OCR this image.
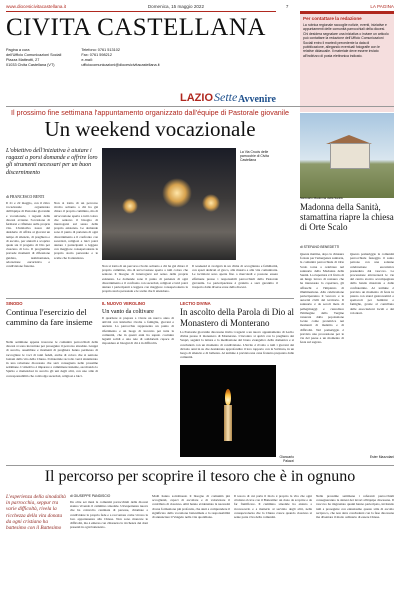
www.diocesicivitacastellana.it	Domenica, 15 maggio 2022	7	LA PAGINA
CIVITA CASTELLANA
Pagina a cura
dell'Ufficio Comunicazioni Sociali
Piazza Matteotti, 27
01033 Civita Castellana (VT)
Telefono: 0761 513102
Fax: 0761 598212
e-mail:
ufficiocomunicazioni@diocesicivitacastellana.it
LAZIO Sette Avvenire
Per contattare la redazione
La rubrica regionale raccoglie notizie, eventi, iniziative e appuntamenti delle comunità parrocchiali della diocesi. Chi desidera segnalare una iniziativa o inviare un articolo può contattare la redazione dell'Ufficio Comunicazioni Sociali entro il martedì precedente la data di pubblicazione, allegando eventuali fotografie con le relative didascalie. Il materiale deve essere inviato all'indirizzo di posta elettronica indicato.
Il prossimo fine settimana l'appuntamento organizzato dall'équipe di Pastorale giovanile
Un weekend vocazionale
L'obiettivo dell'iniziativa è aiutare i ragazzi a porsi domande e offrire loro gli strumenti necessari per un buon discernimento
di FRANCESCO BENTI
Il 21 e 22 maggio, con il ritiro vocazionale organizzato dall'équipe di Pastorale giovanile e vocazionale, i ragazzi della diocesi avranno l'occasione di fermarsi e riflettere sulla propria vita. L'iniziativa nasce dal desiderio di offrire ai giovani un tempo di silenzio, di preghiera e di ascolto, per aiutarli a scoprire quale sia il progetto di Dio per ciascuno di loro. Il programma prevede momenti di riflessione guidata, testimonianze, adorazione eucaristica e condivisione fraterna.
Non si tratta di un percorso rivolto soltanto a chi ha già chiaro il proprio cammino, ma di un'occasione aperta a tutti coloro che sentono il bisogno di interrogarsi sul senso della propria esistenza. Le domande sono il punto di partenza di ogni discernimento e il confronto con sacerdoti, religiosi e laici potrà aiutare i partecipanti a leggere con maggiore consapevolezza la propria storia personale e le scelte che li attendono.
La Via Crucis delle parrocchie di Civita Castellana
Non si tratta di un percorso rivolto soltanto a chi ha già chiaro il proprio cammino, ma di un'occasione aperta a tutti coloro che sentono il bisogno di interrogarsi sul senso della propria esistenza. Le domande sono il punto di partenza di ogni discernimento e il confronto con sacerdoti, religiosi e laici potrà aiutare i partecipanti a leggere con maggiore consapevolezza la propria storia personale e le scelte che li attendono.
Il weekend si svolgerà in un clima di accoglienza e familiarità, con spazi dedicati al gioco, alla musica e alla vita comunitaria. Le iscrizioni sono aperte fino a mercoledì e possono essere effettuate presso i responsabili parrocchiali della Pastorale giovanile. La partecipazione è gratuita e sarà garantito il trasporto dalle diverse zone della diocesi.
Santuario Madonna della Sanità
Madonna della Sanità, stamattina riapre la chiesa di Orte Scalo
di STEFANO BENEDETTI
Questa mattina, dopo la chiusura forzata per l'emergenza sanitaria, la comunità parrocchiale di Orte Scalo torna a celebrare nel santuario della Madonna della Sanità. La riapertura è il frutto di un lungo lavoro di restauro che ha interessato la copertura, gli affreschi e l'impianto di illuminazione. Alla celebrazione parteciperanno il vescovo e le autorità civili del territorio. Il santuario è da secoli meta di pellegrinaggi e custodisce l'immagine della Vergine venerata dalla popolazione locale come protettrice nei momenti di malattia e di difficoltà. Nel pomeriggio è prevista una processione per le vie del paese e un momento di festa sul sagrato.
Questo pomeriggio la comunità parrocchiale festeggia il santo patrono con una solenne celebrazione eucaristica presieduta dal vescovo. La processione attraverserà le vie del centro storico accompagnata dalla banda musicale e dalle confraternite. Al termine è previsto un momento di festa in piazza con stand gastronomici e spettacoli per bambini e famiglie, grazie al contributo delle associazioni locali e dei volontari.
SINODO
Continua l'esercizio del cammino da fare insieme
Nelle settimane appena trascorse le comunità parrocchiali della diocesi si sono incontrate per proseguire il percorso sinodale. Gruppi di ascolto, assemblee e momenti di preghiera hanno permesso di raccogliere le voci di tanti fedeli, anche di coloro che si sentono lontani dalla vita della Chiesa. Il materiale raccolto verrà sintetizzato in una relazione diocesana che sarà consegnata nelle prossime settimane. L'obiettivo è imparare a camminare insieme, ascoltando lo Spirito e mettendosi in ascolto gli uni degli altri, con uno stile di corresponsabilità che coinvolga sacerdoti, religiosi e laici.
IL NUOVO VEROLINO
Un vanto da coltivare
Il quartiere si prepara a vivere un nuovo anno di attività con iniziative rivolte a famiglie, giovani e anziani. La parrocchia rappresenta un punto di riferimento e un luogo di incontro per tutta la comunità, che in questi anni ha saputo costruire legami solidi e una rete di solidarietà capace di rispondere ai bisogni di chi è in difficoltà.
LECTIO DIVINA
In ascolto della Parola di Dio al Monastero di Monterano
La Pastorale giovanile diocesana invita i ragazzi a un nuovo appuntamento di Lectio divina presso il monastero di Monterano. L'incontro si aprirà con la preghiera dei Vespri, seguirà la lettura e la meditazione del brano evangelico della domenica e si concluderà con un momento di condivisione. L'invito è rivolto a tutti i giovani dai diciotto anni in su che desiderano approfondire il loro rapporto con la Scrittura, in un luogo di silenzio e di bellezza. Al termine è prevista una cena fraterna preparata dalle comunità.
Giancarlo Palazzi
Ester Mazzolani
Il percorso per scoprire il tesoro che è in ognuno
L'esperienza della sinodalità in parrocchia, seppur tra varie difficoltà, rivela la ricchezza della vita donata da ogni cristiano ha battesimo con il Battesimo
di GIUSEPPE PANDISCIO
Da oltre sei mesi le comunità parrocchiali della diocesi stanno vivendo il cammino sinodale. Un'esperienza nuova che ha coinvolto centinaia di persone, chiamate a condividere la propria fede e a raccontare come vivono la loro appartenenza alla Chiesa. Non sono mancate le difficoltà, ma è emersa con chiarezza la ricchezza dei doni presenti in ogni battezzato.
Molti hanno sottolineato il bisogno di comunità più accoglienti, capaci di ascoltare e di valorizzare il contributo di ciascuno. Altri hanno evidenziato la necessità di una formazione più profonda, che aiuti a comprendere il significato della vocazione battesimale e la responsabilità di annunciare il Vangelo nella vita quotidiana.
Il tesoro di cui parla il titolo è proprio la vita che ogni cristiano riceve con il Battesimo: un dono da scoprire e da far fruttificare. Il cammino sinodale ha aiutato a riconoscerlo e a metterlo al servizio degli altri, nella consapevolezza che la Chiesa cresce quando ciascuno si sente parte viva della comunità.
Nelle prossime settimane i referenti parrocchiali consegneranno le sintesi dei lavori all'équipe diocesana. Il vescovo ha ringraziato quanti hanno partecipato, invitando tutti a proseguire con entusiasmo questo stile di ascolto reciproco, che non deve concludersi con la fase diocesana ma diventare il modo ordinario di essere Chiesa.
